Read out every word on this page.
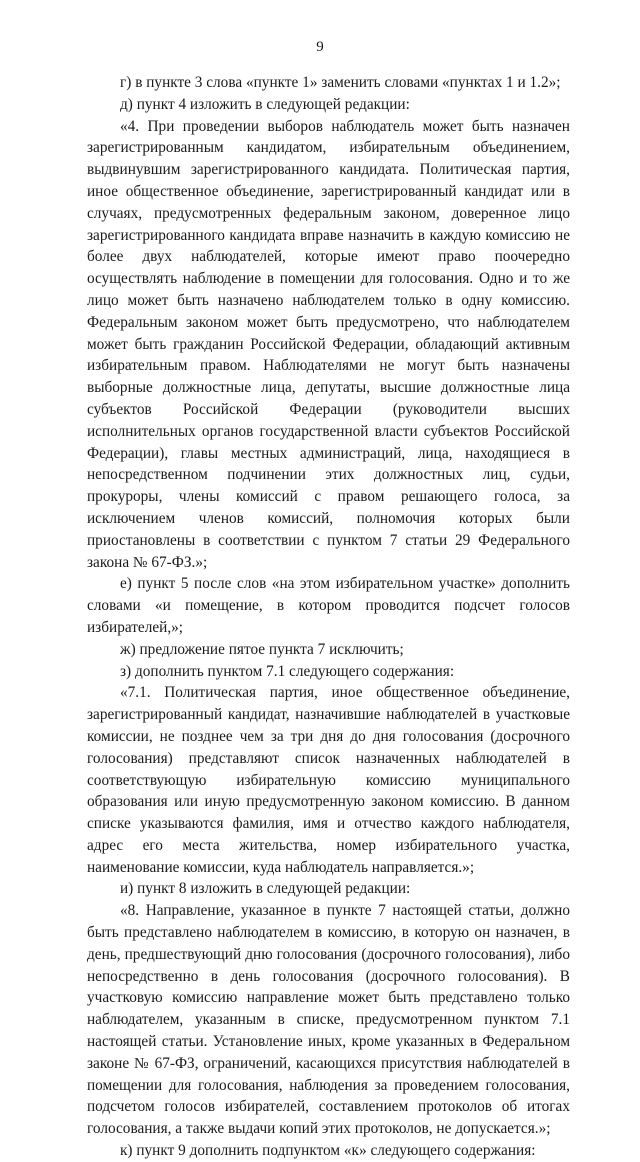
9

г) в пункте 3 слова «пункте 1» заменить словами «пунктах 1 и 1.2»;

д) пункт 4 изложить в следующей редакции:

«4. При проведении выборов наблюдатель может быть назначен зарегистрированным кандидатом, избирательным объединением, выдвинувшим зарегистрированного кандидата. Политическая партия, иное общественное объединение, зарегистрированный кандидат или в случаях, предусмотренных федеральным законом, доверенное лицо зарегистрированного кандидата вправе назначить в каждую комиссию не более двух наблюдателей, которые имеют право поочередно осуществлять наблюдение в помещении для голосования. Одно и то же лицо может быть назначено наблюдателем только в одну комиссию. Федеральным законом может быть предусмотрено, что наблюдателем может быть гражданин Российской Федерации, обладающий активным избирательным правом. Наблюдателями не могут быть назначены выборные должностные лица, депутаты, высшие должностные лица субъектов Российской Федерации (руководители высших исполнительных органов государственной власти субъектов Российской Федерации), главы местных администраций, лица, находящиеся в непосредственном подчинении этих должностных лиц, судьи, прокуроры, члены комиссий с правом решающего голоса, за исключением членов комиссий, полномочия которых были приостановлены в соответствии с пунктом 7 статьи 29 Федерального закона № 67-ФЗ.»;

е) пункт 5 после слов «на этом избирательном участке» дополнить словами «и помещение, в котором проводится подсчет голосов избирателей,»;

ж) предложение пятое пункта 7 исключить;

з) дополнить пунктом 7.1 следующего содержания:

«7.1. Политическая партия, иное общественное объединение, зарегистрированный кандидат, назначившие наблюдателей в участковые комиссии, не позднее чем за три дня до дня голосования (досрочного голосования) представляют список назначенных наблюдателей в соответствующую избирательную комиссию муниципального образования или иную предусмотренную законом комиссию. В данном списке указываются фамилия, имя и отчество каждого наблюдателя, адрес его места жительства, номер избирательного участка, наименование комиссии, куда наблюдатель направляется.»;

и) пункт 8 изложить в следующей редакции:

«8. Направление, указанное в пункте 7 настоящей статьи, должно быть представлено наблюдателем в комиссию, в которую он назначен, в день, предшествующий дню голосования (досрочного голосования), либо непосредственно в день голосования (досрочного голосования). В участковую комиссию направление может быть представлено только наблюдателем, указанным в списке, предусмотренном пунктом 7.1 настоящей статьи. Установление иных, кроме указанных в Федеральном законе № 67-ФЗ, ограничений, касающихся присутствия наблюдателей в помещении для голосования, наблюдения за проведением голосования, подсчетом голосов избирателей, составлением протоколов об итогах голосования, а также выдачи копий этих протоколов, не допускается.»;

к) пункт 9 дополнить подпунктом «к» следующего содержания:
